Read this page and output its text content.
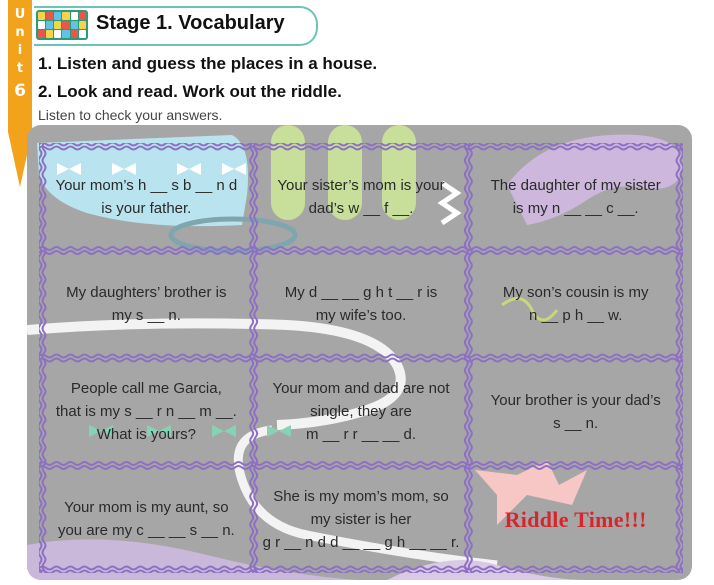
U
n
i
t
6
Stage 1. Vocabulary
1. Listen and guess the places in a house.
2. Look and read. Work out the riddle.
Listen to check your answers.
Your mom’s h __ s b __ n d
is your father.
Your sister’s mom is your
dad’s w __ f __.
The daughter of my sister
is my n __ __ c __.
My daughters’ brother is
my s __ n.
My d __ __ g h t __ r is
my wife’s too.
My son’s cousin is my
n __ p h __ w.
People call me Garcia,
that is my s __ r n __ m __.
What is yours?
Your mom and dad are not
single, they are
m __ r r __ __ d.
Your brother is your dad’s
s __ n.
Your mom is my aunt, so
you are my c __ __ s __ n.
She is my mom’s mom, so
my sister is her
g r __ n d d __ __ g h __ __ r.
Riddle Time!!!
